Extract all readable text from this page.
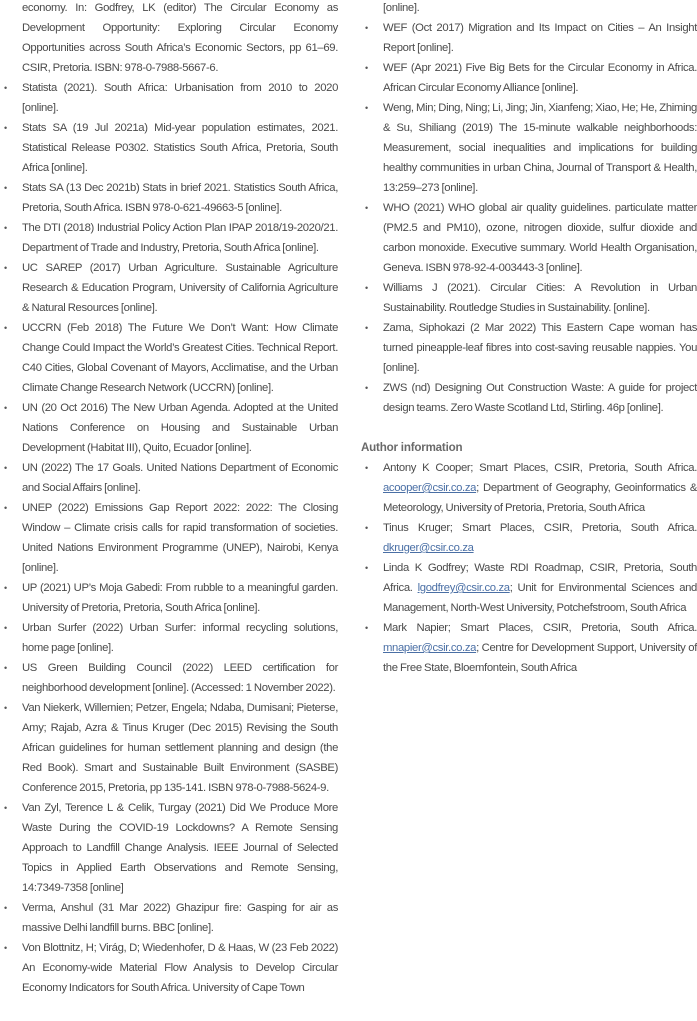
economy. In: Godfrey, LK (editor) The Circular Economy as Development Opportunity: Exploring Circular Economy Opportunities across South Africa’s Economic Sectors, pp 61–69. CSIR, Pretoria. ISBN: 978-0-7988-5667-6.
• Statista (2021). South Africa: Urbanisation from 2010 to 2020 [online].
• Stats SA (19 Jul 2021a) Mid-year population estimates, 2021. Statistical Release P0302. Statistics South Africa, Pretoria, South Africa [online].
• Stats SA (13 Dec 2021b) Stats in brief 2021. Statistics South Africa, Pretoria, South Africa. ISBN 978-0-621-49663-5 [online].
• The DTI (2018) Industrial Policy Action Plan IPAP 2018/19-2020/21. Department of Trade and Industry, Pretoria, South Africa [online].
• UC SAREP (2017) Urban Agriculture. Sustainable Agriculture Research & Education Program, University of California Agriculture & Natural Resources [online].
• UCCRN (Feb 2018) The Future We Don’t Want: How Climate Change Could Impact the World’s Greatest Cities. Technical Report. C40 Cities, Global Covenant of Mayors, Acclimatise, and the Urban Climate Change Research Network (UCCRN) [online].
• UN (20 Oct 2016) The New Urban Agenda. Adopted at the United Nations Conference on Housing and Sustainable Urban Development (Habitat III), Quito, Ecuador [online].
• UN (2022) The 17 Goals. United Nations Department of Economic and Social Affairs [online].
• UNEP (2022) Emissions Gap Report 2022: 2022: The Closing Window – Climate crisis calls for rapid transformation of societies. United Nations Environment Programme (UNEP), Nairobi, Kenya [online].
• UP (2021) UP’s Moja Gabedi: From rubble to a meaningful garden. University of Pretoria, Pretoria, South Africa [online].
• Urban Surfer (2022) Urban Surfer: informal recycling solutions, home page [online].
• US Green Building Council (2022) LEED certification for neighborhood development [online]. (Accessed: 1 November 2022).
• Van Niekerk, Willemien; Petzer, Engela; Ndaba, Dumisani; Pieterse, Amy; Rajab, Azra & Tinus Kruger (Dec 2015) Revising the South African guidelines for human settlement planning and design (the Red Book). Smart and Sustainable Built Environment (SASBE) Conference 2015, Pretoria, pp 135-141. ISBN 978-0-7988-5624-9.
• Van Zyl, Terence L & Celik, Turgay (2021) Did We Produce More Waste During the COVID-19 Lockdowns? A Remote Sensing Approach to Landfill Change Analysis. IEEE Journal of Selected Topics in Applied Earth Observations and Remote Sensing, 14:7349-7358 [online]
• Verma, Anshul (31 Mar 2022) Ghazipur fire: Gasping for air as massive Delhi landfill burns. BBC [online].
• Von Blottnitz, H; Virág, D; Wiedenhofer, D & Haas, W (23 Feb 2022) An Economy-wide Material Flow Analysis to Develop Circular Economy Indicators for South Africa. University of Cape Town
[online].
• WEF (Oct 2017) Migration and Its Impact on Cities – An Insight Report [online].
• WEF (Apr 2021) Five Big Bets for the Circular Economy in Africa. African Circular Economy Alliance [online].
• Weng, Min; Ding, Ning; Li, Jing; Jin, Xianfeng; Xiao, He; He, Zhiming & Su, Shiliang (2019) The 15-minute walkable neighborhoods: Measurement, social inequalities and implications for building healthy communities in urban China, Journal of Transport & Health, 13:259–273 [online].
• WHO (2021) WHO global air quality guidelines. particulate matter (PM2.5 and PM10), ozone, nitrogen dioxide, sulfur dioxide and carbon monoxide. Executive summary. World Health Organisation, Geneva. ISBN 978-92-4-003443-3 [online].
• Williams J (2021). Circular Cities: A Revolution in Urban Sustainability. Routledge Studies in Sustainability. [online].
• Zama, Siphokazi (2 Mar 2022) This Eastern Cape woman has turned pineapple-leaf fibres into cost-saving reusable nappies. You [online].
• ZWS (nd) Designing Out Construction Waste: A guide for project design teams. Zero Waste Scotland Ltd, Stirling. 46p [online].
Author information
• Antony K Cooper; Smart Places, CSIR, Pretoria, South Africa. acooper@csir.co.za; Department of Geography, Geoinformatics & Meteorology, University of Pretoria, Pretoria, South Africa
• Tinus Kruger; Smart Places, CSIR, Pretoria, South Africa. dkruger@csir.co.za
• Linda K Godfrey; Waste RDI Roadmap, CSIR, Pretoria, South Africa. lgodfrey@csir.co.za; Unit for Environmental Sciences and Management, North-West University, Potchefstroom, South Africa
• Mark Napier; Smart Places, CSIR, Pretoria, South Africa. mnapier@csir.co.za; Centre for Development Support, University of the Free State, Bloemfontein, South Africa
